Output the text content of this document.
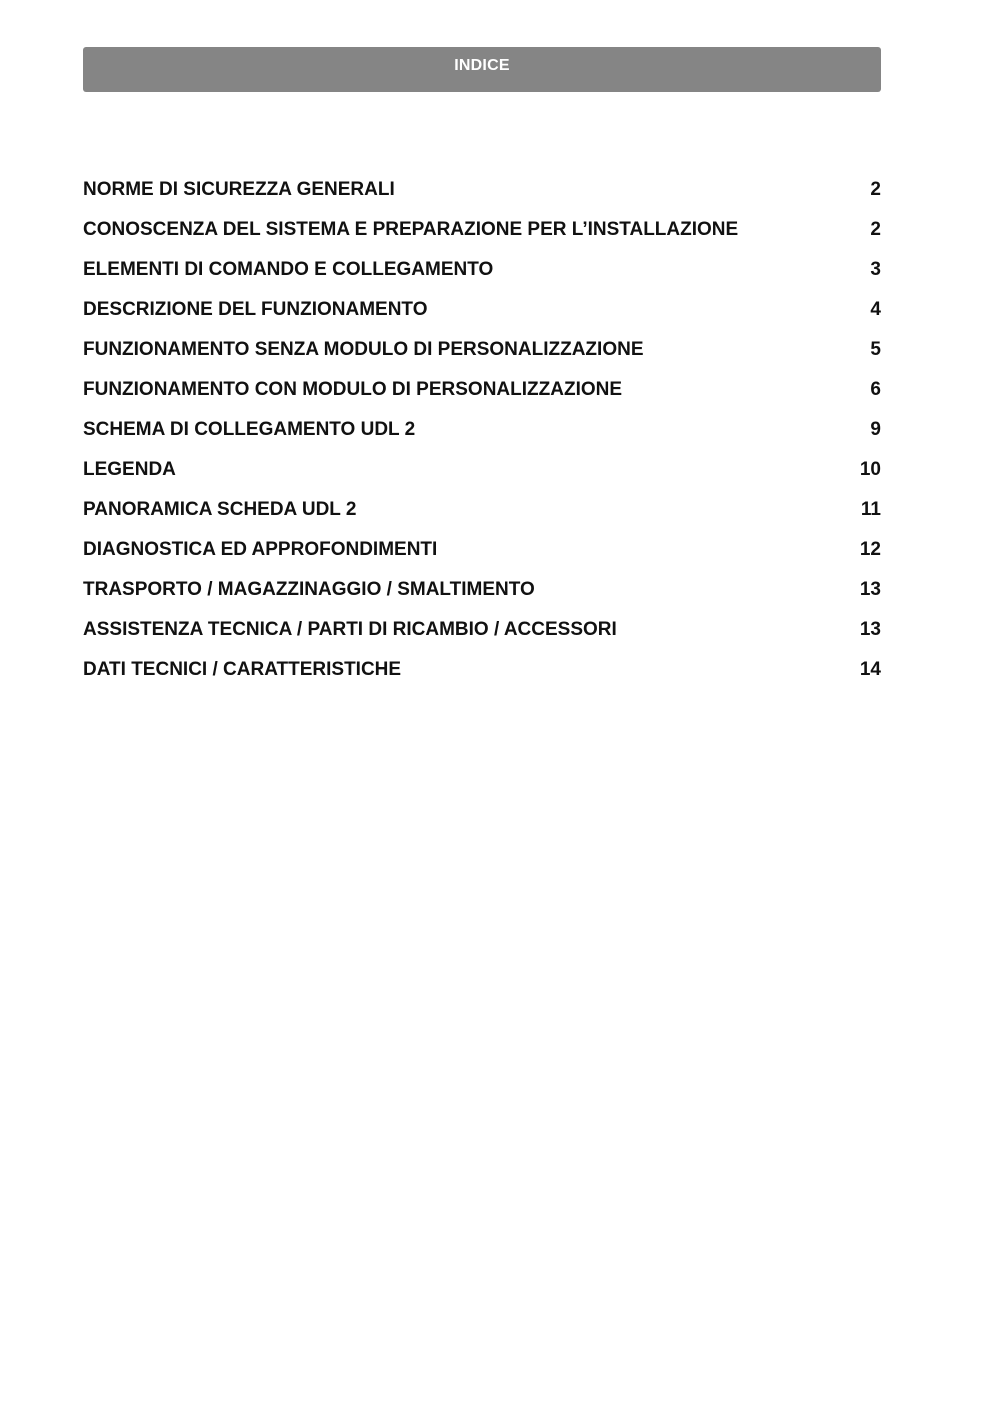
INDICE
NORME DI SICUREZZA GENERALI	2
CONOSCENZA DEL SISTEMA E PREPARAZIONE PER L’INSTALLAZIONE	2
ELEMENTI DI COMANDO E COLLEGAMENTO	3
DESCRIZIONE DEL FUNZIONAMENTO	4
FUNZIONAMENTO SENZA MODULO DI PERSONALIZZAZIONE	5
FUNZIONAMENTO CON MODULO DI PERSONALIZZAZIONE	6
SCHEMA DI COLLEGAMENTO UDL 2	9
LEGENDA	10
PANORAMICA SCHEDA UDL 2	11
DIAGNOSTICA ED APPROFONDIMENTI	12
TRASPORTO / MAGAZZINAGGIO / SMALTIMENTO	13
ASSISTENZA TECNICA / PARTI DI RICAMBIO / ACCESSORI	13
DATI TECNICI / CARATTERISTICHE	14
